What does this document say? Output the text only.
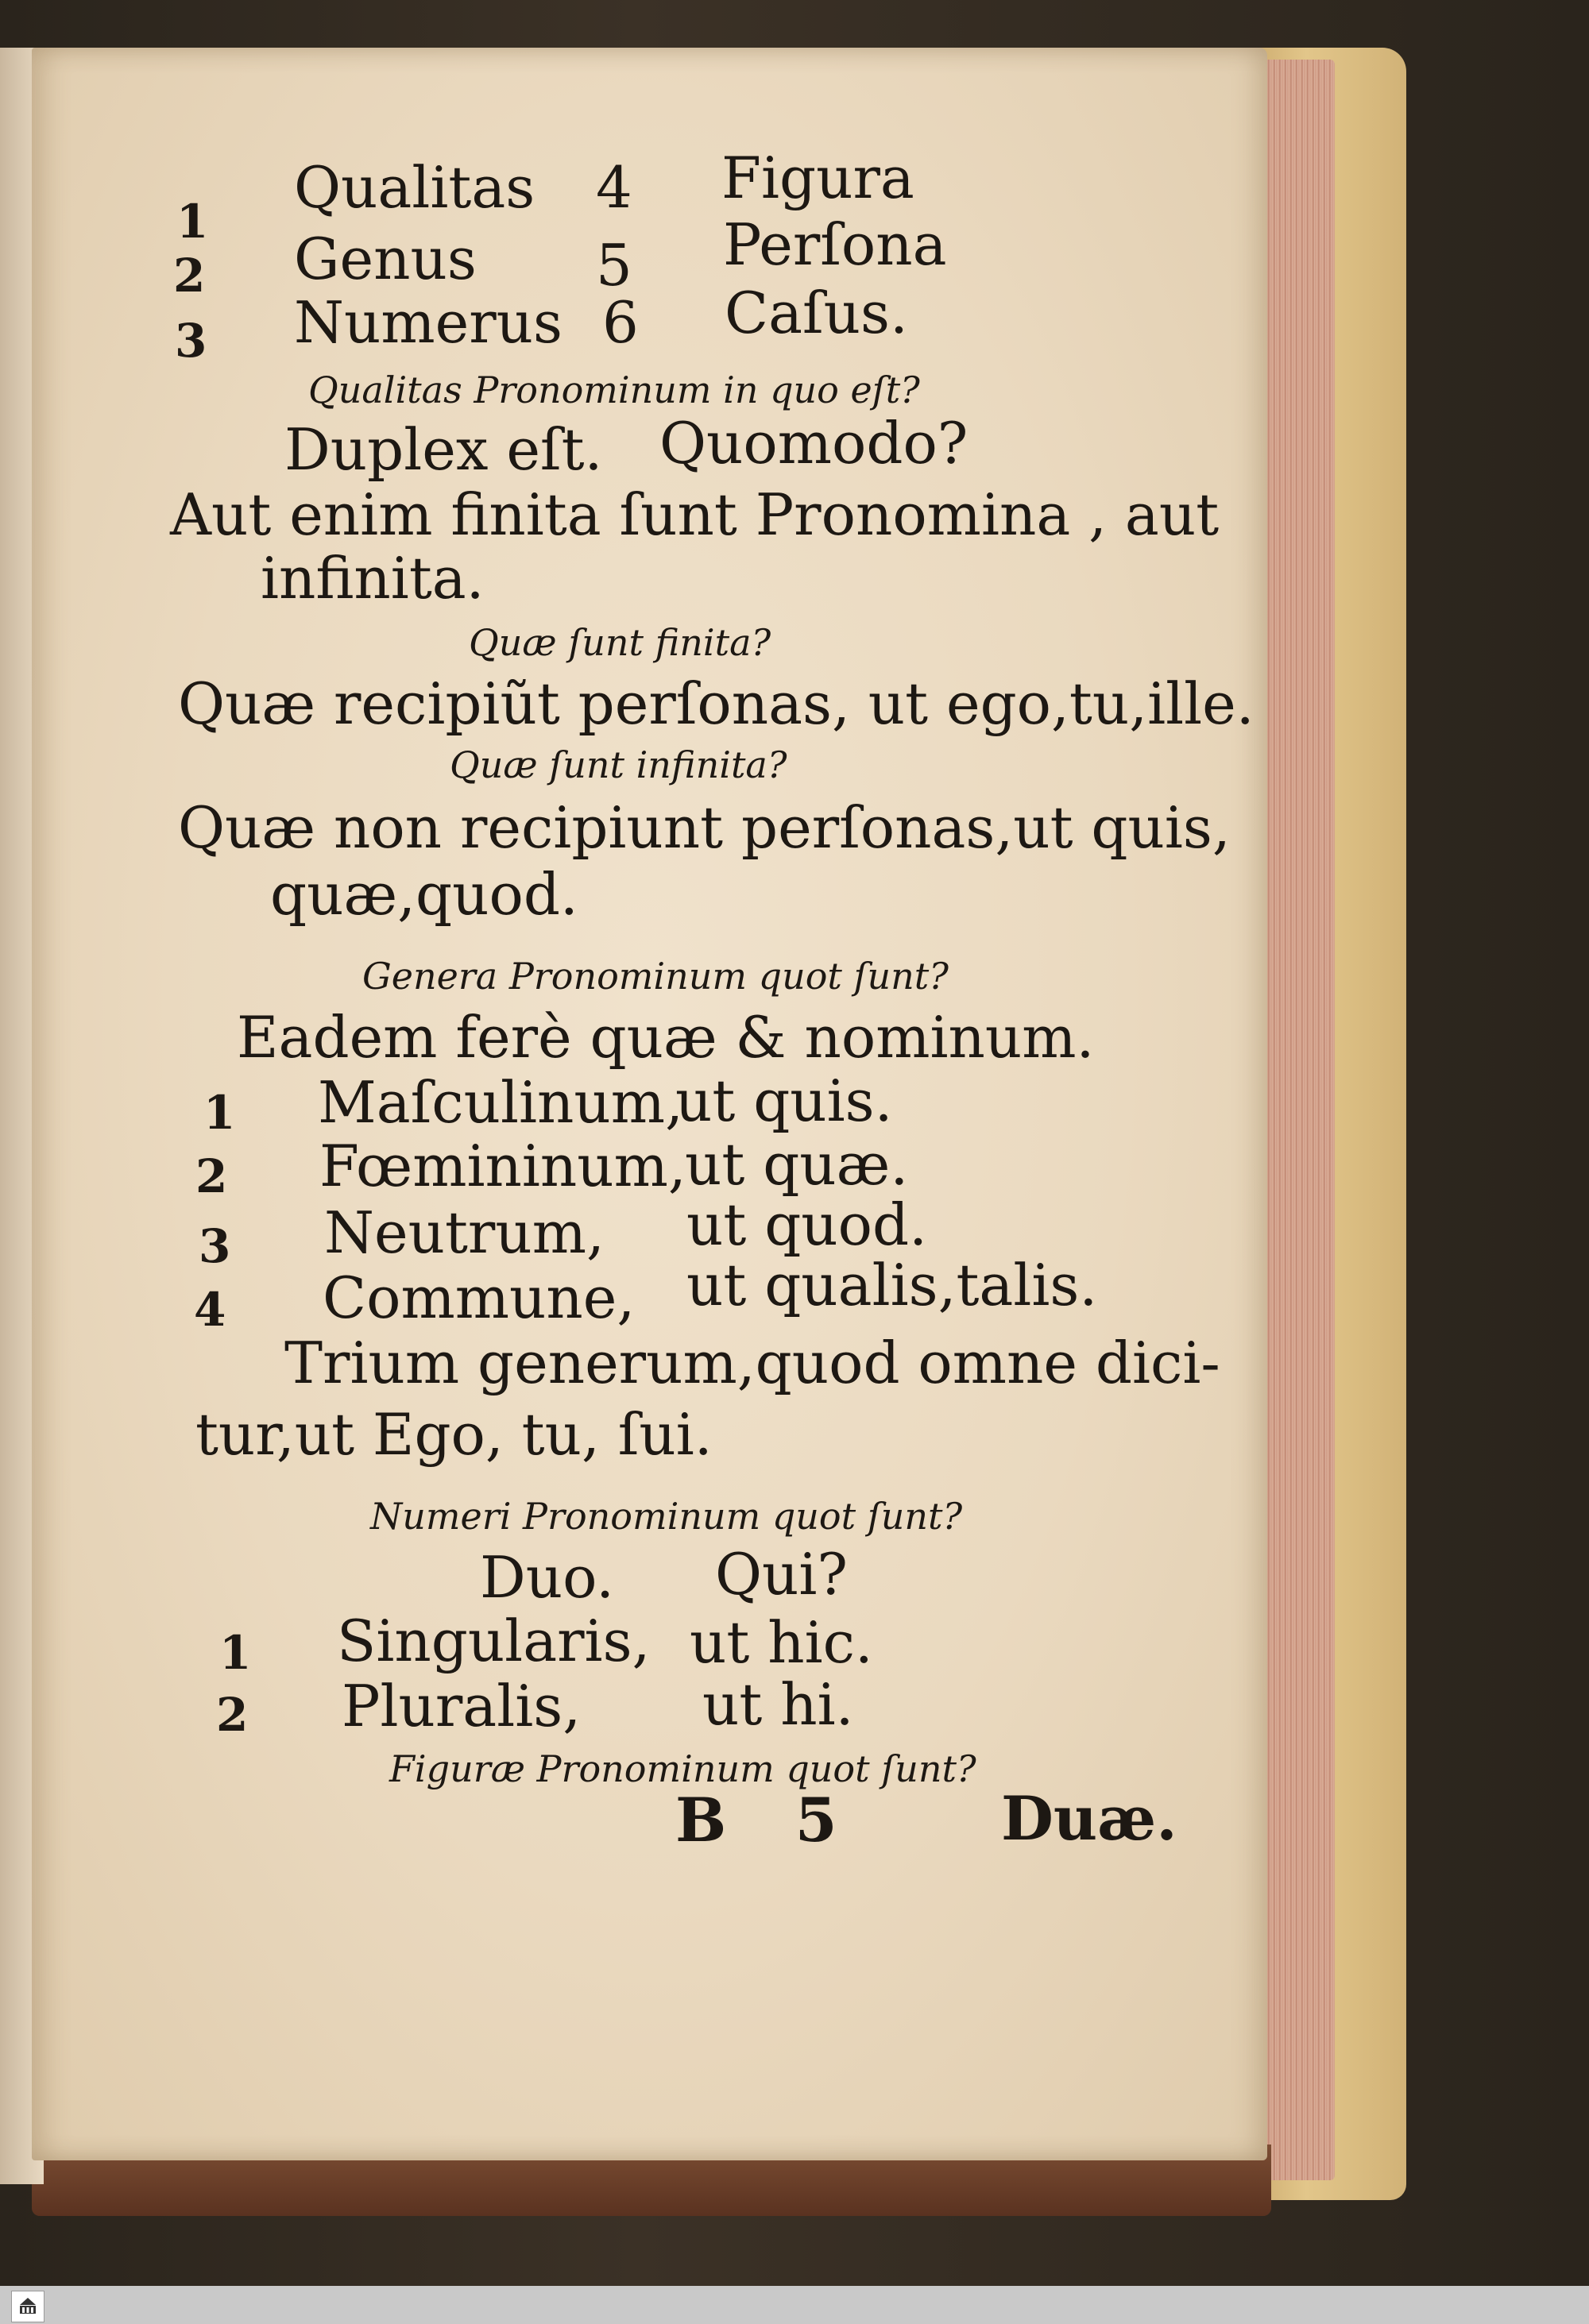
1
Qualitas 4 Figura
2 Genus 5 Perſona
3 Numerus 6 Caſus.
Qualitas Pronominum in quo eſt?
Duplex eſt. Quomodo?
Aut enim finita ſunt Pronomina , aut
infinita.
Quæ ſunt finita?
Quæ recipiũt perſonas, ut ego,tu,ille.
Quæ ſunt infinita?
Quæ non recipiunt perſonas,ut quis,
quæ,quod.
Genera Pronominum quot ſunt?
Eadem ferè quæ & nominum.
1 Maſculinum,
ut quis.
2 Fœmininum,
ut quæ.
3 Neutrum, ut quod.
4 Commune, ut qualis,talis.
Trium generum,quod omne dici-
tur,ut Ego, tu, ſui.
Numeri Pronominum quot ſunt?
Duo. Qui?
1 Singularis, ut hic.
2 Pluralis, ut hi.
Figuræ Pronominum quot ſunt?
B 5	Duæ.
